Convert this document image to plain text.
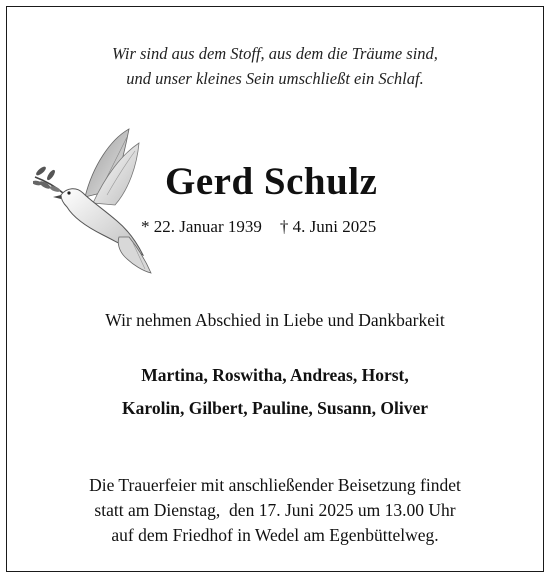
Wir sind aus dem Stoff, aus dem die Träume sind,
und unser kleines Sein umschließt ein Schlaf.
Gerd Schulz
* 22. Januar 1939 † 4. Juni 2025
Wir nehmen Abschied in Liebe und Dankbarkeit
Martina, Roswitha, Andreas, Horst,
Karolin, Gilbert, Pauline, Susann, Oliver
Die Trauerfeier mit anschließender Beisetzung findet
statt am Dienstag,  den 17. Juni 2025 um 13.00 Uhr
auf dem Friedhof in Wedel am Egenbüttelweg.
